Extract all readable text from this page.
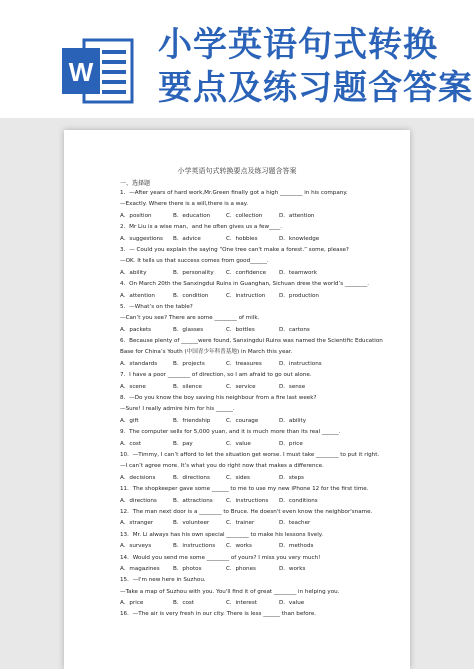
W
小学英语句式转换
要点及练习题含答案
小学英语句式转换要点及练习题含答案
一、选择题
1．—After years of hard work,Mr.Green finally got a high ________ in his company.
—Exactly. Where there is a will,there is a way.
A．position	B．education	C．collection	D．attention
2．Mr Liu is a wise man，and he often gives us a few____.
A．suggestions	B．advice	C．hobbies	D．knowledge
3．— Could you explain the saying “One tree can't make a forest.” some, please?
—OK. It tells us that success comes from good______.
A．ability	B．personality	C．confidence	D．teamwork
4．On March 20th the Sanxingdui Ruins in Guanghan, Sichuan drew the world’s ________.
A．attention	B．condition	C．instruction	D．production
5．—What’s on the table?
—Can’t you see? There are some ________ of milk.
A．packets	B．glasses	C．bottles	D．cartons
6．Because plenty of ______were found, Sanxingdui Ruins was named the Scientific Education
Base for China’s Youth (中国青少年科普基地) in March this year.
A．standards	B．projects	C．treasures	D．instructions
7．I have a poor ________ of direction, so I am afraid to go out alone.
A．scene	B．silence	C．service	D．sense
8．—Do you know the boy saving his neighbour from a fire last week?
—Sure! I really admire him for his ______.
A．gift	B．friendship	C．courage	D．ability
9．The computer sells for 5,000 yuan, and it is much more than its real ______.
A．cost	B．pay	C．value	D．price
10．—Timmy, I can’t afford to let the situation get worse. I must take ________ to put it right.
—I can’t agree more. It’s what you do right now that makes a difference.
A．decisions	B．directions	C．sides	D．steps
11．The shopkeeper gave some ______ to me to use my new iPhone 12 for the first time.
A．directions	B．attractions	C．instructions	D．conditions
12．The man next door is a ________ to Bruce. He doesn't even know the neighbor'sname.
A．stranger	B．volunteer	C．trainer	D．teacher
13．Mr. Li always has his own special ________ to make his lessons lively.
A．surveys	B．instructions	C．works	D．methods
14．Would you send me some ________ of yours? I miss you very much!
A．magazines	B．photos	C．phones	D．works
15．—I'm new here in Suzhou.
—Take a map of Suzhou with you. You'll find it of great ________ in helping you.
A．price	B．cost	C．interest	D．value
16．—The air is very fresh in our city. There is less ______ than before.
